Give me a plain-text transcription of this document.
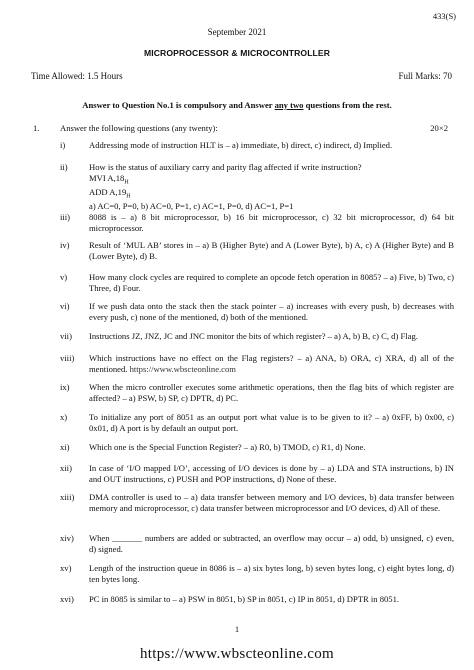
433(S)
September 2021
MICROPROCESSOR & MICROCONTROLLER
Time Allowed: 1.5 Hours	Full Marks: 70
Answer to Question No.1 is compulsory and Answer any two questions from the rest.
1. Answer the following questions (any twenty):	20×2
i)	Addressing mode of instruction HLT is – a) immediate, b) direct, c) indirect, d) Implied.
ii)	How is the status of auxiliary carry and parity flag affected if write instruction?
MVI $A,18_H$
ADD $A,19_H$
a) AC=0, P=0, b) AC=0, P=1, c) AC=1, P=0, d) AC=1, P=1
iii)	8088 is – a) 8 bit microprocessor, b) 16 bit microprocessor, c) 32 bit microprocessor, d) 64 bit microprocessor.
iv)	Result of ‘MUL AB’ stores in – a) B (Higher Byte) and A (Lower Byte), b) A, c) A (Higher Byte) and B (Lower Byte), d) B.
v)	How many clock cycles are required to complete an opcode fetch operation in 8085? – a) Five, b) Two, c) Three, d) Four.
vi)	If we push data onto the stack then the stack pointer – a) increases with every push, b) decreases with every push, c) none of the mentioned, d) both of the mentioned.
vii)	Instructions JZ, JNZ, JC and JNC monitor the bits of which register? – a) A, b) B, c) C, d) Flag.
viii)	Which instructions have no effect on the Flag registers? – a) ANA, b) ORA, c) XRA, d) all of the mentioned. https://www.wbscteonline.com
ix)	When the micro controller executes some arithmetic operations, then the flag bits of which register are affected? – a) PSW, b) SP, c) DPTR, d) PC.
x)	To initialize any port of 8051 as an output port what value is to be given to it? – a) 0xFF, b) 0x00, c) 0x01, d) A port is by default an output port.
xi)	Which one is the Special Function Register? – a) R0, b) TMOD, c) R1, d) None.
xii)	In case of ‘I/O mapped I/O’, accessing of I/O devices is done by – a) LDA and STA instructions, b) IN and OUT instructions, c) PUSH and POP instructions, d) None of these.
xiii)	DMA controller is used to – a) data transfer between memory and I/O devices, b) data transfer between memory and microprocessor, c) data transfer between microprocessor and I/O devices, d) All of these.
xiv)	When _______ numbers are added or subtracted, an overflow may occur – a) odd, b) unsigned, c) even, d) signed.
xv)	Length of the instruction queue in 8086 is – a) six bytes long, b) seven bytes long, c) eight bytes long, d) ten bytes long.
xvi)	PC in 8085 is similar to – a) PSW in 8051, b) SP in 8051, c) IP in 8051, d) DPTR in 8051.
1
https://www.wbscteonline.com
